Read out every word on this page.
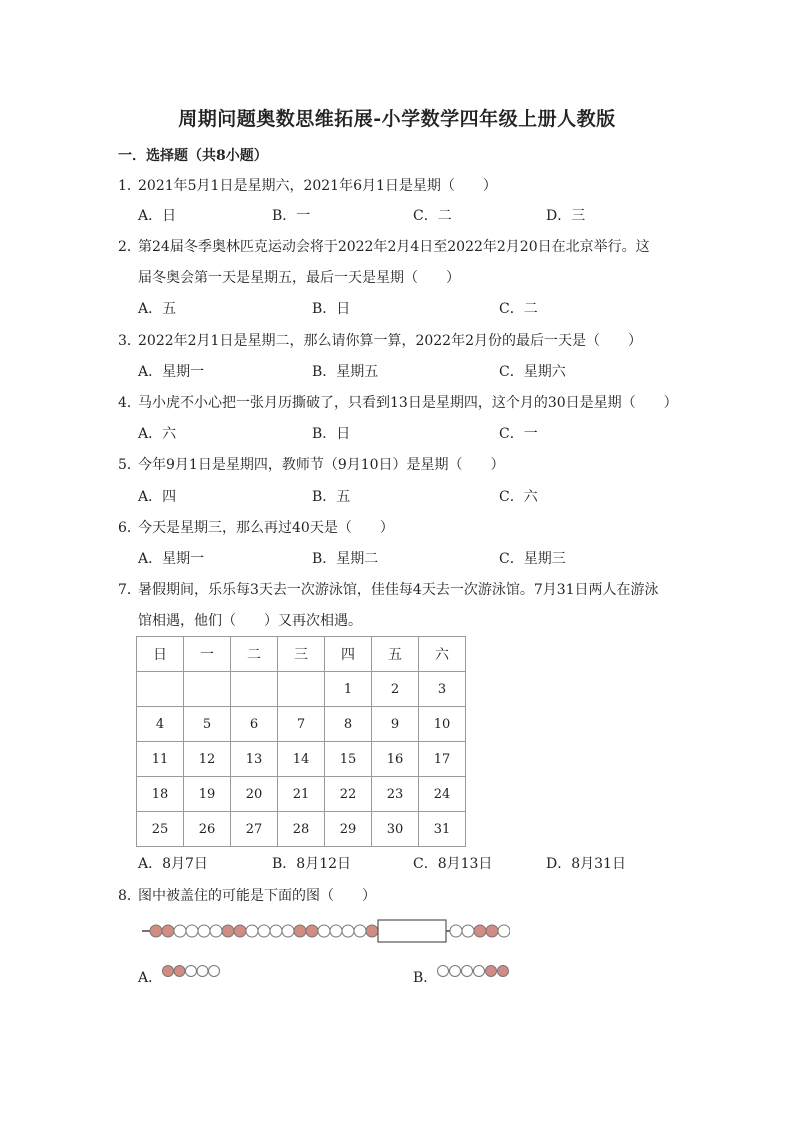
周期问题奥数思维拓展-小学数学四年级上册人教版
一．选择题（共8小题）
1．2021年5月1日是星期六，2021年6月1日是星期（　　）
A．日	B．一	C．二	D．三
2．第24届冬季奥林匹克运动会将于2022年2月4日至2022年2月20日在北京举行。这
届冬奥会第一天是星期五，最后一天是星期（　　）
A．五	B．日	C．二
3．2022年2月1日是星期二，那么请你算一算，2022年2月份的最后一天是（　　）
A．星期一	B．星期五	C．星期六
4．马小虎不小心把一张月历撕破了，只看到13日是星期四，这个月的30日是星期（　　）
A．六	B．日	C．一
5．今年9月1日是星期四，教师节（9月10日）是星期（　　）
A．四	B．五	C．六
6．今天是星期三，那么再过40天是（　　）
A．星期一	B．星期二	C．星期三
7．暑假期间，乐乐每3天去一次游泳馆，佳佳每4天去一次游泳馆。7月31日两人在游泳
馆相遇，他们（　　）又再次相遇。
日	一	二	三	四	五	六
				1	2	3
4	5	6	7	8	9	10
11	12	13	14	15	16	17
18	19	20	21	22	23	24
25	26	27	28	29	30	31
A．8月7日	B．8月12日	C．8月13日	D．8月31日
8．图中被盖住的可能是下面的图（　　）
A．	B．
